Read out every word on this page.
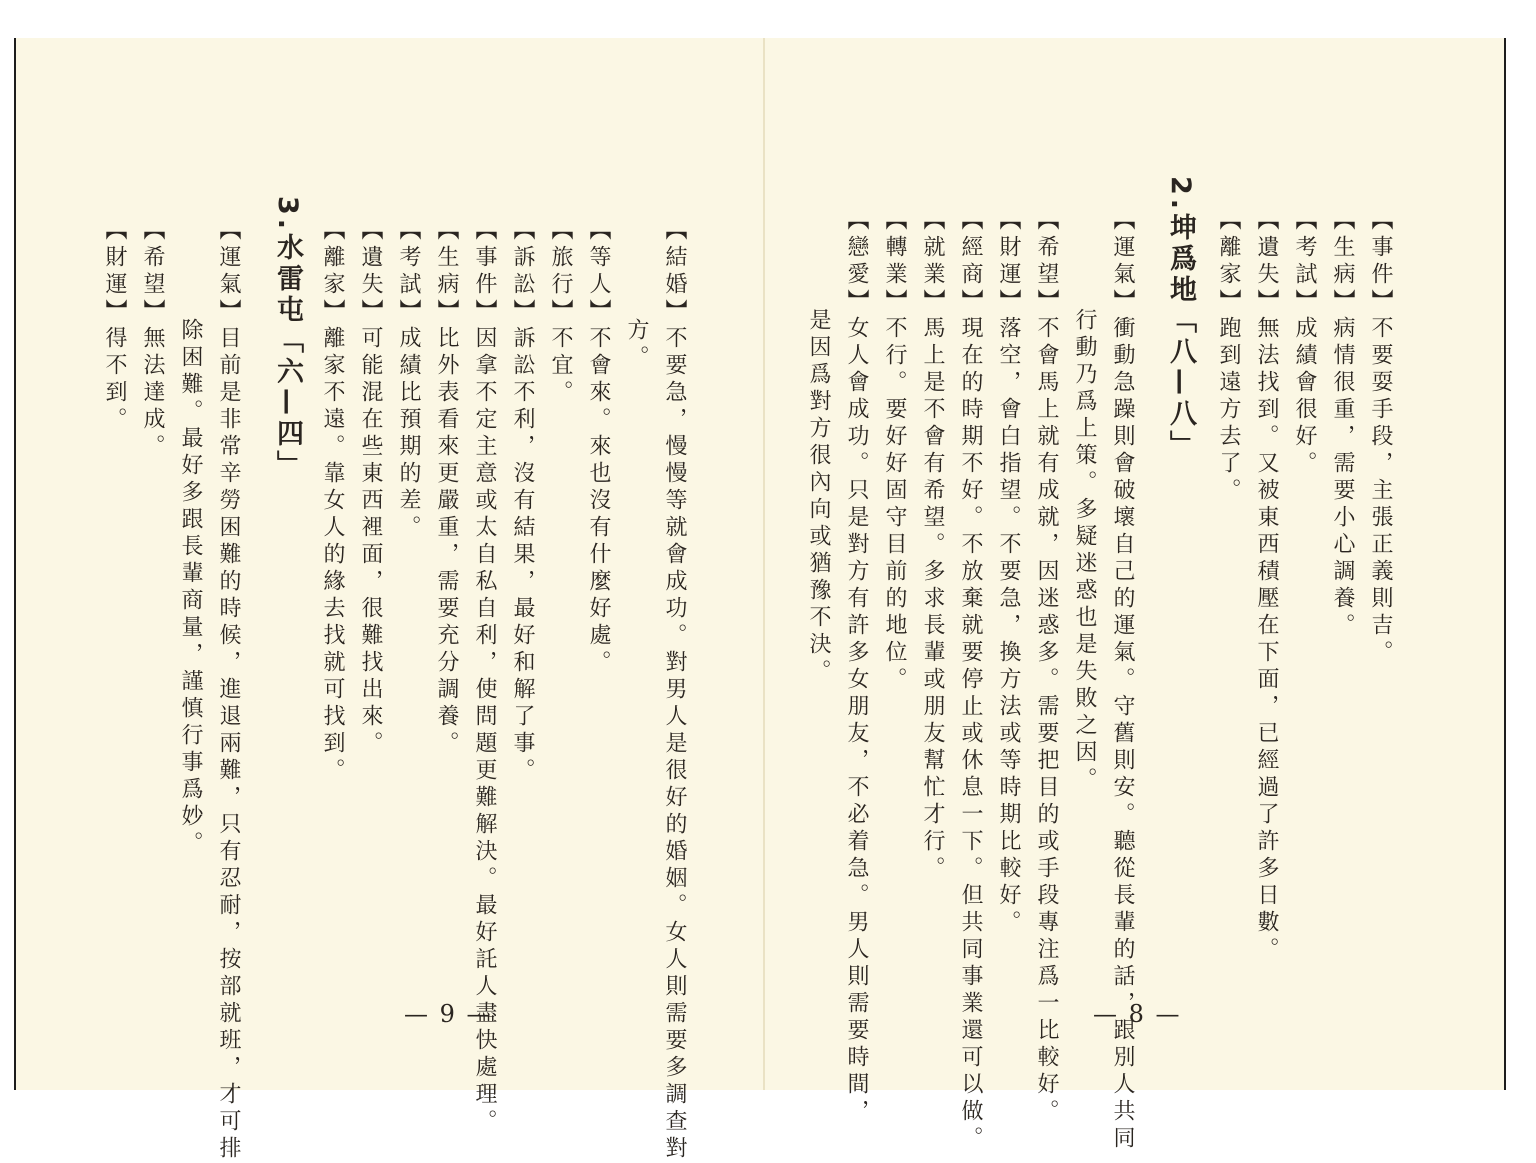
【結婚】不要急，慢慢等就會成功。對男人是很好的婚姻。女人則需要多調查對
方。
【等人】不會來。來也沒有什麼好處。
【旅行】不宜。
【訴訟】訴訟不利，沒有結果，最好和解了事。
【事件】因拿不定主意或太自私自利，使問題更難解決。最好託人盡快處理。
【生病】比外表看來更嚴重，需要充分調養。
【考試】成績比預期的差。
【遺失】可能混在些東西裡面，很難找出來。
【離家】離家不遠。靠女人的緣去找就可找到。
3.水雷屯「六—四」
【運氣】目前是非常辛勞困難的時候，進退兩難，只有忍耐，按部就班，才可排
除困難。最好多跟長輩商量，謹慎行事爲妙。
【希望】無法達成。
【財運】得不到。
— 9 —
【事件】不要耍手段，主張正義則吉。
【生病】病情很重，需要小心調養。
【考試】成績會很好。
【遺失】無法找到。又被東西積壓在下面，已經過了許多日數。
【離家】跑到遠方去了。
2.坤爲地「八—八」
【運氣】衝動急躁則會破壞自己的運氣。守舊則安。聽從長輩的話，跟別人共同
行動乃爲上策。多疑迷惑也是失敗之因。
【希望】不會馬上就有成就，因迷惑多。需要把目的或手段專注爲一比較好。
【財運】落空，會白指望。不要急，換方法或等時期比較好。
【經商】現在的時期不好。不放棄就要停止或休息一下。但共同事業還可以做。
【就業】馬上是不會有希望。多求長輩或朋友幫忙才行。
【轉業】不行。要好好固守目前的地位。
【戀愛】女人會成功。只是對方有許多女朋友，不必着急。男人則需要時間，
是因爲對方很內向或猶豫不決。
— 8 —
